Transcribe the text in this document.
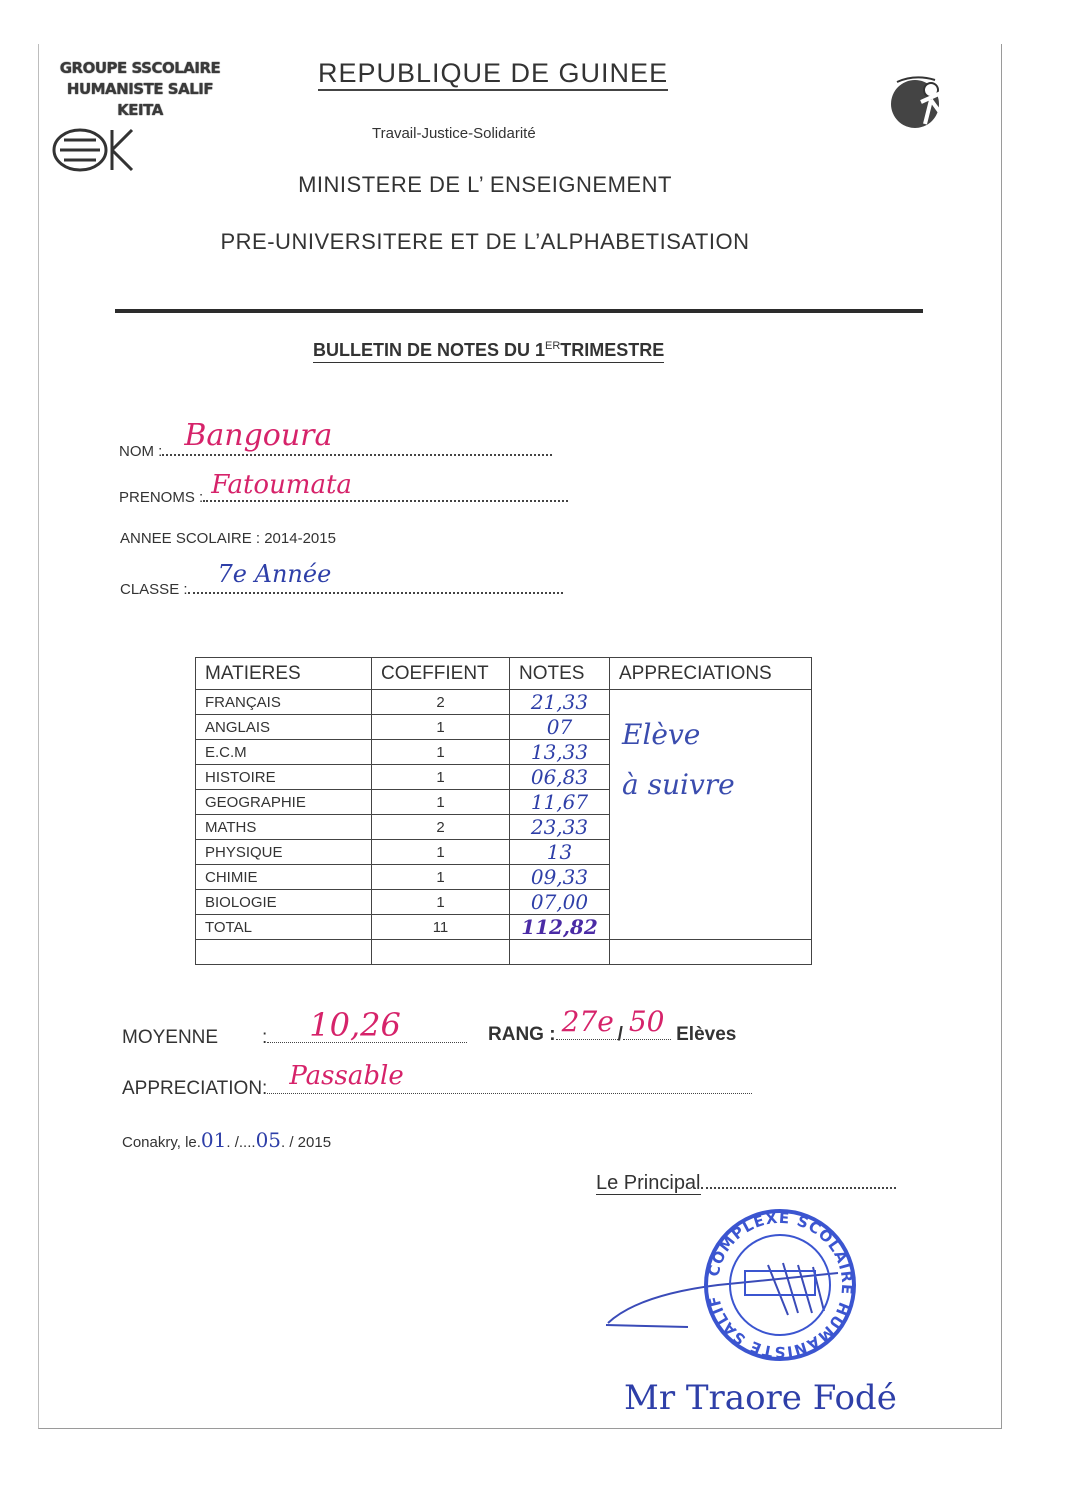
GROUPE SSCOLAIRE
HUMANISTE SALIF KEITA
REPUBLIQUE DE GUINEE
Travail-Justice-Solidarité
MINISTERE DE L’ ENSEIGNEMENT
PRE-UNIVERSITERE ET DE L’ALPHABETISATION
BULLETIN DE NOTES DU 1ERTRIMESTRE
NOM : Bangoura
PRENOMS : Fatoumata
ANNEE SCOLAIRE : 2014-2015
CLASSE :
7e Année
MATIERES	COEFFIENT	NOTES	APPRECIATIONS
FRANÇAIS	2	21,33	Elève
à suivre

ANGLAIS	1	07	
E.C.M	1	13,33	
HISTOIRE	1	06,83	
GEOGRAPHIE	1	11,67	
MATHS	2	23,33	
PHYSIQUE	1	13	
CHIMIE	1	09,33	
BIOLOGIE	1	07,00	
TOTAL	11	112,82	

MOYENNE : 10,26	RANG : 27e / 50 Elèves
APPRECIATION: Passable
Conakry, le.01. /....05. / 2015
Le Principal
COMPLEXE SCOLAIRE HUMANISTE SALIF
Mr Traore Fodé
